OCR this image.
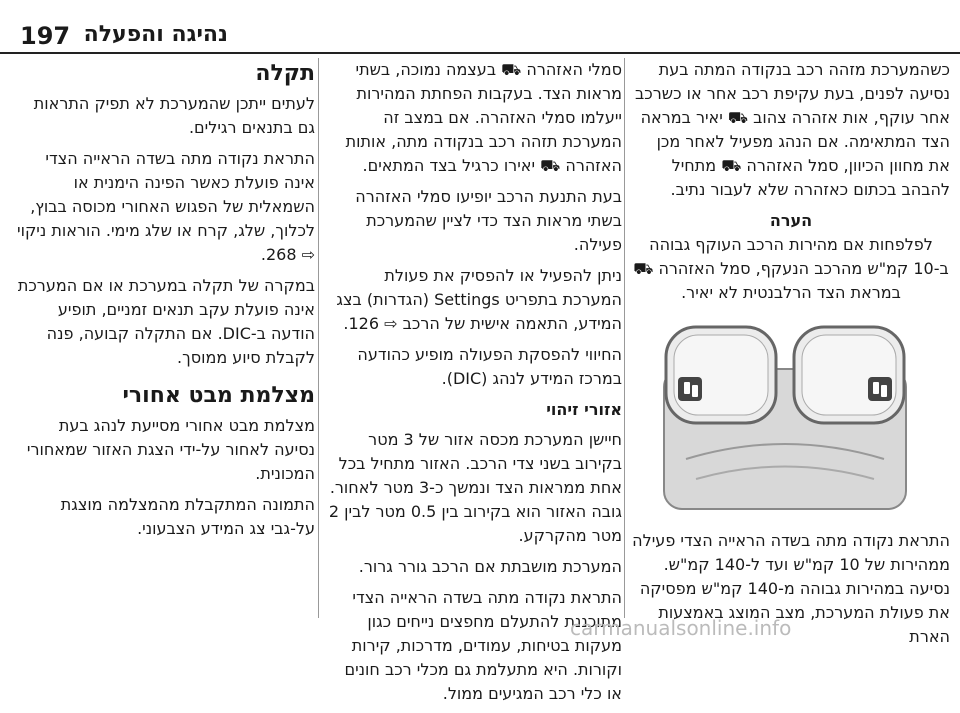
197 נהיגה והפעלה

כשהמערכת מזהה רכב בנקודה המתה בעת נסיעה לפנים, בעת עקיפת רכב אחר או כשרכב אחר עוקף, אות אזהרה צהוב ⛟ יאיר במראה הצד המתאימה. אם הנהג מפעיל לאחר מכן את מחוון הכיוון, סמל האזהרה ⛟ מתחיל להבהב בכתום כאזהרה שלא לעבור נתיב.

הערה

לפלפחות אם מהירות הרכב העוקף גבוהה ב-10 קמ"ש מהרכב הנעקף, סמל האזהרה ⛟ במראת הצד הרלבנטית לא יאיר.

התראת נקודה מתה בשדה הראייה הצדי פעילה ממהירות של 10 קמ"ש ועד ל-140 קמ"ש. נסיעה במהירות גבוהה מ-140 קמ"ש מפסיקה את פעולת המערכת, מצב המוצג באמצעות הארת

סמלי האזהרה ⛟ בעצמה נמוכה, בשתי מראות הצד. בעקבות הפחתת המהירות ייעלמו סמלי האזהרה. אם במצב זה המערכת תזהה רכב בנקודה מתה, אותות האזהרה ⛟ יאירו כרגיל בצד המתאים.

בעת התנעת הרכב יופיעו סמלי האזהרה בשתי מראות הצד כדי לציין שהמערכת פעילה.

ניתן להפעיל או להפסיק את פעולת המערכת בתפריט Settings (הגדרות) בצג המידע, התאמה אישית של הרכב ⇨ 126.

החיווי להפסקת הפעולה מופיע כהודעה במרכז המידע לנהג (DIC).

אזורי זיהוי

חיישן המערכת מכסה אזור של 3 מטר בקירוב בשני צדי הרכב. האזור מתחיל בכל אחת ממראות הצד ונמשך כ-3 מטר לאחור. גובה האזור הוא בקירוב בין 0.5 מטר לבין 2 מטר מהקרקע.

המערכת מושבתת אם הרכב גורר גרור.

התראת נקודה מתה בשדה הראייה הצדי מתוכננת להתעלם מחפצים נייחים כגון מעקות בטיחות, עמודים, מדרכות, קירות וקורות. היא מתעלמת גם מכלי רכב חונים או כלי רכב המגיעים ממול.

תקלה

לעתים ייתכן שהמערכת לא תפיק התראות גם בתנאים רגילים.

התראת נקודה מתה בשדה הראייה הצדי אינה פועלת כאשר הפינה הימנית או השמאלית של הפגוש האחורי מכוסה בבוץ, לכלוך, שלג, קרח או שלג מימי. הוראות ניקוי ⇨ 268.

במקרה של תקלה במערכת או אם המערכת אינה פועלת עקב תנאים זמניים, תופיע הודעה ב-DIC. אם התקלה קבועה, פנה לקבלת סיוע ממוסך.

מצלמת מבט אחורי

מצלמת מבט אחורי מסייעת לנהג בעת נסיעה לאחור על-ידי הצגת האזור שמאחורי המכונית.

התמונה המתקבלת מהמצלמה מוצגת על-גבי צג המידע הצבעוני.

carmanualsonline.info
